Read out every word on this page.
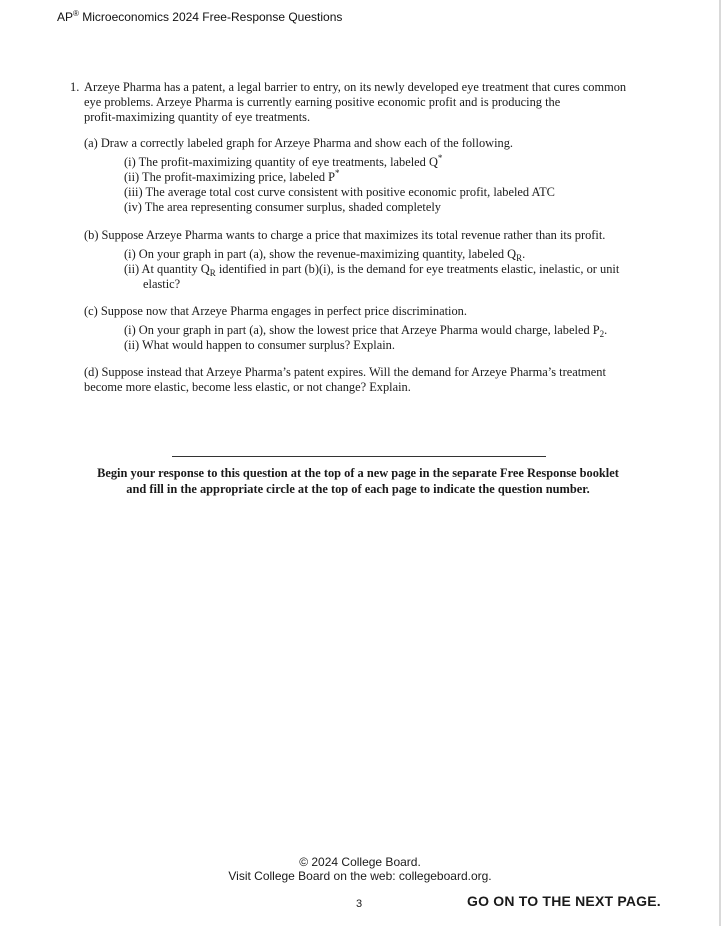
AP® Microeconomics 2024 Free-Response Questions
1. Arzeye Pharma has a patent, a legal barrier to entry, on its newly developed eye treatment that cures common
eye problems. Arzeye Pharma is currently earning positive economic profit and is producing the
profit-maximizing quantity of eye treatments.
(a) Draw a correctly labeled graph for Arzeye Pharma and show each of the following.
(i) The profit-maximizing quantity of eye treatments, labeled Q*
(ii) The profit-maximizing price, labeled P*
(iii) The average total cost curve consistent with positive economic profit, labeled ATC
(iv) The area representing consumer surplus, shaded completely
(b) Suppose Arzeye Pharma wants to charge a price that maximizes its total revenue rather than its profit.
(i) On your graph in part (a), show the revenue-maximizing quantity, labeled $Q_R$.
(ii) At quantity $Q_R$ identified in part (b)(i), is the demand for eye treatments elastic, inelastic, or unit
elastic?
(c) Suppose now that Arzeye Pharma engages in perfect price discrimination.
(i) On your graph in part (a), show the lowest price that Arzeye Pharma would charge, labeled $P_2$.
(ii) What would happen to consumer surplus? Explain.
(d) Suppose instead that Arzeye Pharma’s patent expires. Will the demand for Arzeye Pharma’s treatment
become more elastic, become less elastic, or not change? Explain.
Begin your response to this question at the top of a new page in the separate Free Response booklet
and fill in the appropriate circle at the top of each page to indicate the question number.
© 2024 College Board.
Visit College Board on the web: collegeboard.org.
3	GO ON TO THE NEXT PAGE.
